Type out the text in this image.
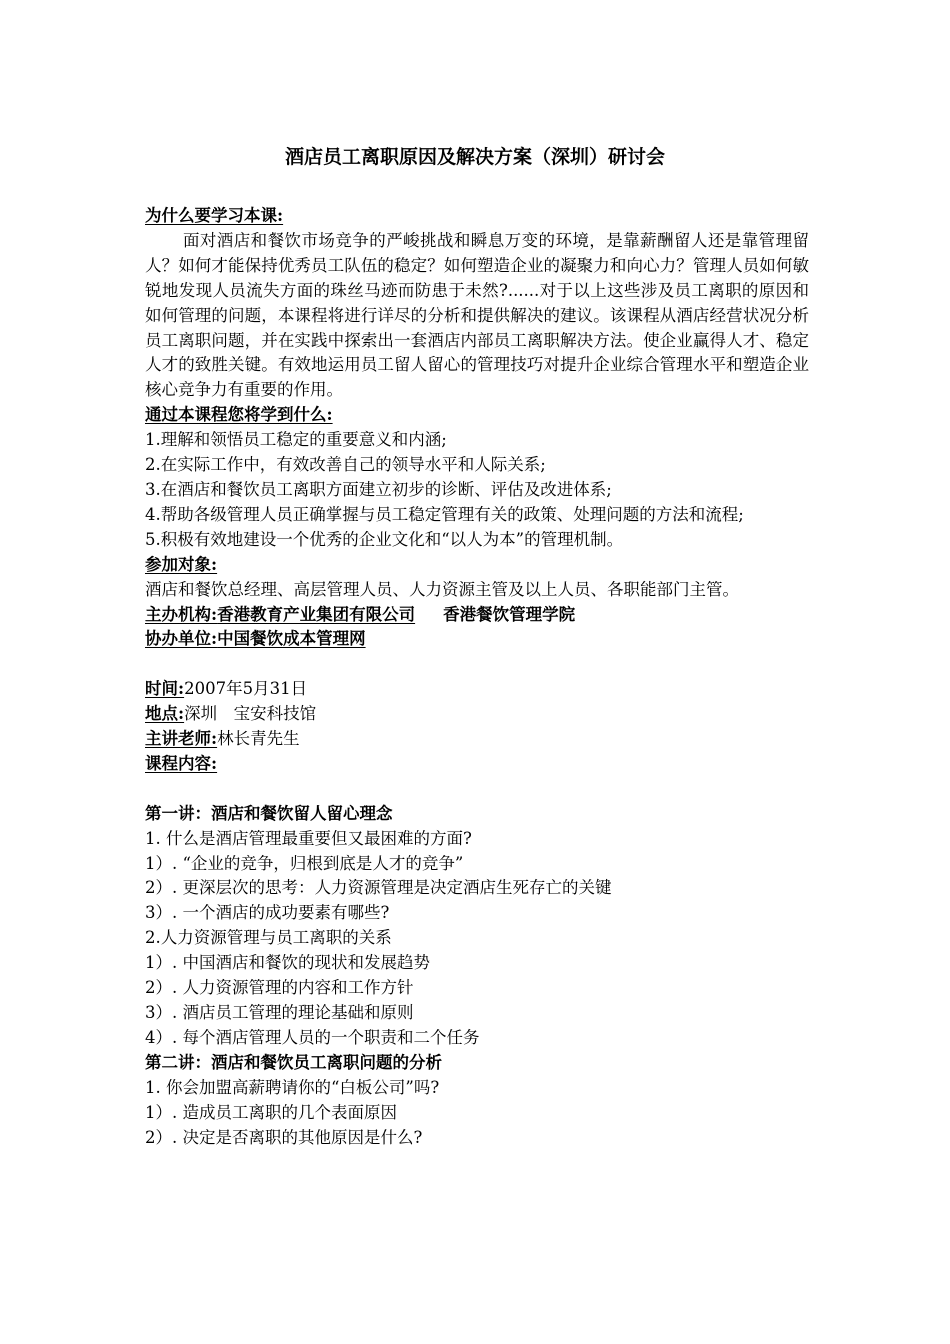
酒店员工离职原因及解决方案（深圳）研讨会
为什么要学习本课:

面对酒店和餐饮市场竞争的严峻挑战和瞬息万变的环境，是靠薪酬留人还是靠管理留人？如何才能保持优秀员工队伍的稳定？如何塑造企业的凝聚力和向心力？管理人员如何敏锐地发现人员流失方面的珠丝马迹而防患于未然?......对于以上这些涉及员工离职的原因和如何管理的问题，本课程将进行详尽的分析和提供解决的建议。该课程从酒店经营状况分析员工离职问题，并在实践中探索出一套酒店内部员工离职解决方法。使企业赢得人才、稳定人才的致胜关键。有效地运用员工留人留心的管理技巧对提升企业综合管理水平和塑造企业核心竞争力有重要的作用。

通过本课程您将学到什么:
1.理解和领悟员工稳定的重要意义和内涵;
2.在实际工作中，有效改善自己的领导水平和人际关系;
3.在酒店和餐饮员工离职方面建立初步的诊断、评估及改进体系;
4.帮助各级管理人员正确掌握与员工稳定管理有关的政策、处理问题的方法和流程;
5.积极有效地建设一个优秀的企业文化和“以人为本”的管理机制。
参加对象:
酒店和餐饮总经理、高层管理人员、人力资源主管及以上人员、各职能部门主管。
主办机构:香港教育产业集团有限公司 香港餐饮管理学院
协办单位:中国餐饮成本管理网
时间:2007年5月31日
地点:深圳　宝安科技馆
主讲老师:林长青先生
课程内容:
第一讲：酒店和餐饮留人留心理念
1. 什么是酒店管理最重要但又最困难的方面?
1）. “企业的竞争，归根到底是人才的竞争”
2）. 更深层次的思考：人力资源管理是决定酒店生死存亡的关键
3）. 一个酒店的成功要素有哪些?
2.人力资源管理与员工离职的关系
1）. 中国酒店和餐饮的现状和发展趋势
2）. 人力资源管理的内容和工作方针
3）. 酒店员工管理的理论基础和原则
4）. 每个酒店管理人员的一个职责和二个任务
第二讲：酒店和餐饮员工离职问题的分析
1. 你会加盟高薪聘请你的“白板公司”吗?
1）. 造成员工离职的几个表面原因
2）. 决定是否离职的其他原因是什么?
